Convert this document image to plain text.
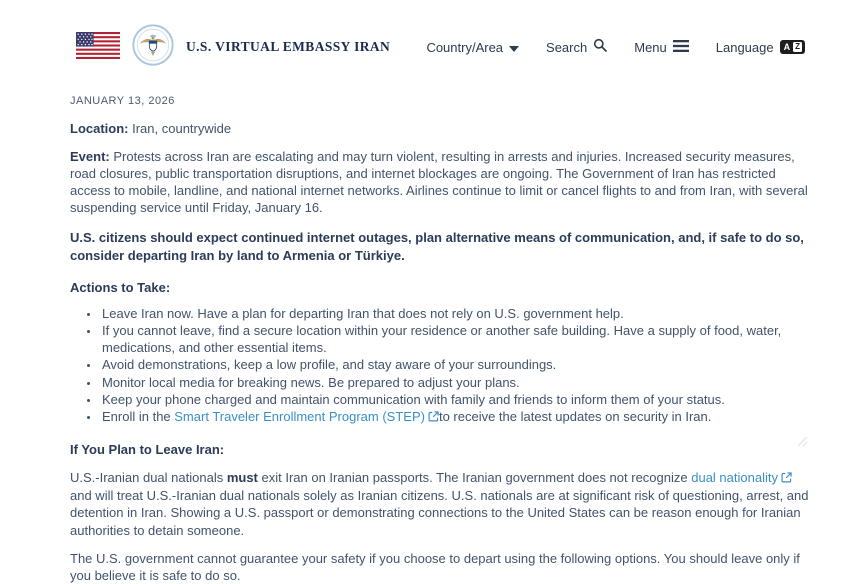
U.S. VIRTUAL EMBASSY IRAN	Country/Area	Search	Menu	Language A Z
JANUARY 13, 2026

Location: Iran, countrywide

Event: Protests across Iran are escalating and may turn violent, resulting in arrests and injuries. Increased security measures, road closures, public transportation disruptions, and internet blockages are ongoing. The Government of Iran has restricted access to mobile, landline, and national internet networks. Airlines continue to limit or cancel flights to and from Iran, with several suspending service until Friday, January 16.

U.S. citizens should expect continued internet outages, plan alternative means of communication, and, if safe to do so, consider departing Iran by land to Armenia or Türkiye.

Actions to Take:
• Leave Iran now. Have a plan for departing Iran that does not rely on U.S. government help.
• If you cannot leave, find a secure location within your residence or another safe building. Have a supply of food, water, medications, and other essential items.
• Avoid demonstrations, keep a low profile, and stay aware of your surroundings.
• Monitor local media for breaking news. Be prepared to adjust your plans.
• Keep your phone charged and maintain communication with family and friends to inform them of your status.
• Enroll in the Smart Traveler Enrollment Program (STEP) to receive the latest updates on security in Iran.
If You Plan to Leave Iran:

U.S.-Iranian dual nationals must exit Iran on Iranian passports. The Iranian government does not recognize dual nationality and will treat U.S.-Iranian dual nationals solely as Iranian citizens. U.S. nationals are at significant risk of questioning, arrest, and detention in Iran. Showing a U.S. passport or demonstrating connections to the United States can be reason enough for Iranian authorities to detain someone.

The U.S. government cannot guarantee your safety if you choose to depart using the following options. You should leave only if you believe it is safe to do so.
